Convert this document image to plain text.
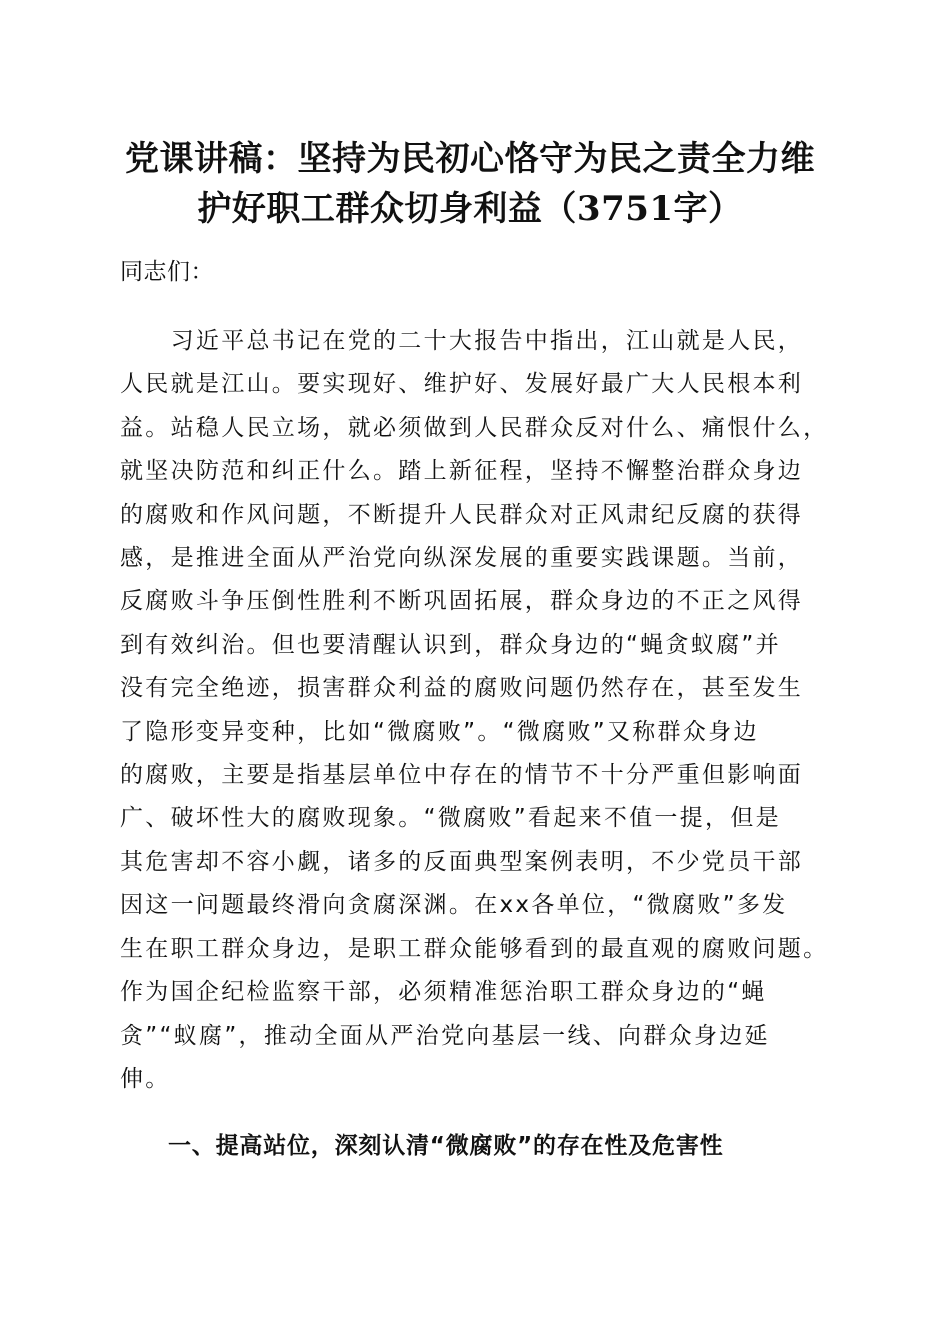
党课讲稿：坚持为民初心恪守为民之责全力维
护好职工群众切身利益（3751字）

同志们：

　　习近平总书记在党的二十大报告中指出，江山就是人民，
人民就是江山。要实现好、维护好、发展好最广大人民根本利
益。站稳人民立场，就必须做到人民群众反对什么、痛恨什么，
就坚决防范和纠正什么。踏上新征程，坚持不懈整治群众身边
的腐败和作风问题，不断提升人民群众对正风肃纪反腐的获得
感，是推进全面从严治党向纵深发展的重要实践课题。当前，
反腐败斗争压倒性胜利不断巩固拓展，群众身边的不正之风得
到有效纠治。但也要清醒认识到，群众身边的“蝇贪蚁腐”并
没有完全绝迹，损害群众利益的腐败问题仍然存在，甚至发生
了隐形变异变种，比如“微腐败”。“微腐败”又称群众身边
的腐败，主要是指基层单位中存在的情节不十分严重但影响面
广、破坏性大的腐败现象。“微腐败”看起来不值一提，但是
其危害却不容小觑，诸多的反面典型案例表明，不少党员干部
因这一问题最终滑向贪腐深渊。在xx各单位，“微腐败”多发
生在职工群众身边，是职工群众能够看到的最直观的腐败问题。
作为国企纪检监察干部，必须精准惩治职工群众身边的“蝇
贪”“蚁腐”，推动全面从严治党向基层一线、向群众身边延
伸。
一、提高站位，深刻认清“微腐败”的存在性及危害性
